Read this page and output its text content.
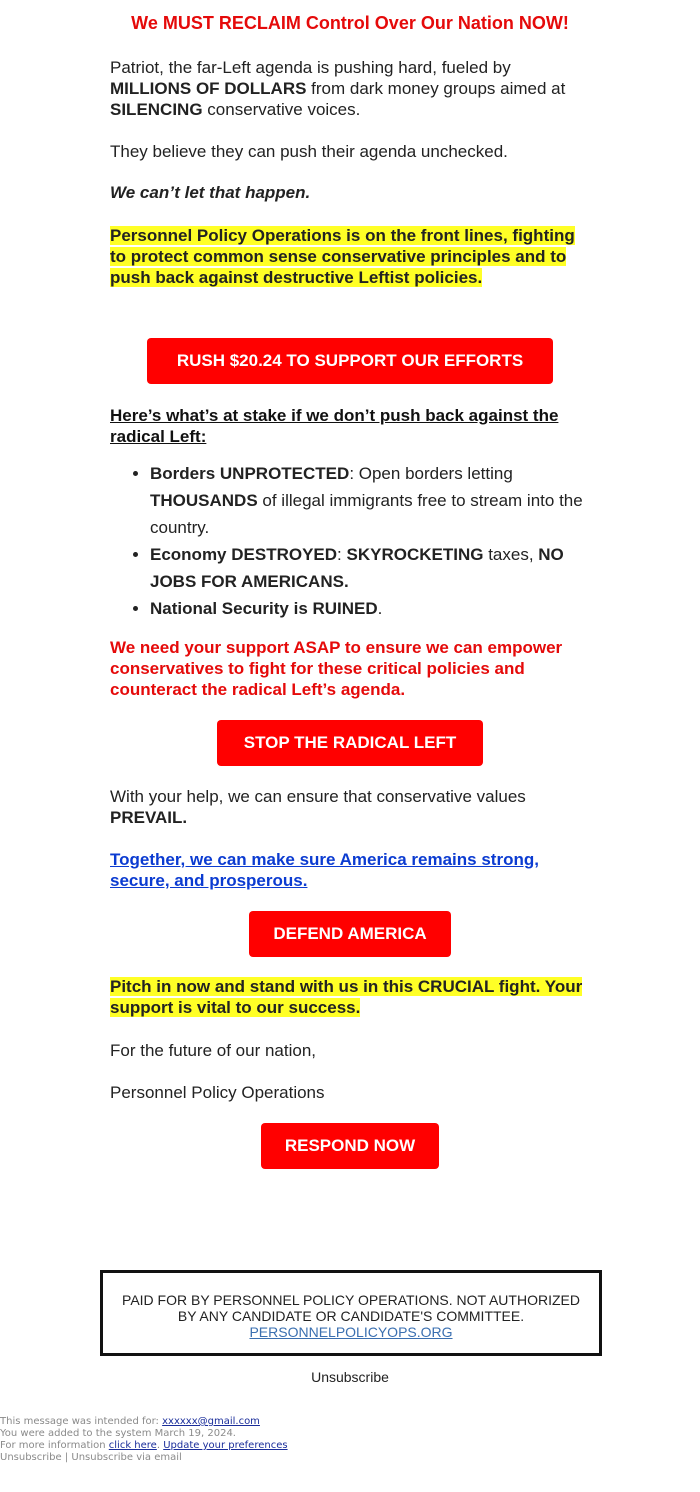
We MUST RECLAIM Control Over Our Nation NOW!

Patriot, the far-Left agenda is pushing hard, fueled by MILLIONS OF DOLLARS from dark money groups aimed at SILENCING conservative voices.

They believe they can push their agenda unchecked.

We can’t let that happen.

Personnel Policy Operations is on the front lines, fighting to protect common sense conservative principles and to push back against destructive Leftist policies.

RUSH $20.24 TO SUPPORT OUR EFFORTS

Here’s what’s at stake if we don’t push back against the radical Left:

• Borders UNPROTECTED: Open borders letting THOUSANDS of illegal immigrants free to stream into the country.
• Economy DESTROYED: SKYROCKETING taxes, NO JOBS FOR AMERICANS.
• National Security is RUINED.

We need your support ASAP to ensure we can empower conservatives to fight for these critical policies and counteract the radical Left’s agenda.

STOP THE RADICAL LEFT

With your help, we can ensure that conservative values PREVAIL.

Together, we can make sure America remains strong, secure, and prosperous.

DEFEND AMERICA

Pitch in now and stand with us in this CRUCIAL fight. Your support is vital to our success.

For the future of our nation,

Personnel Policy Operations

RESPOND NOW
PAID FOR BY PERSONNEL POLICY OPERATIONS. NOT AUTHORIZED BY ANY CANDIDATE OR CANDIDATE'S COMMITTEE.
PERSONNELPOLICYOPS.ORG
Unsubscribe
This message was intended for: xxxxxx@gmail.com
You were added to the system March 19, 2024.
For more information click here. Update your preferences
Unsubscribe | Unsubscribe via email
